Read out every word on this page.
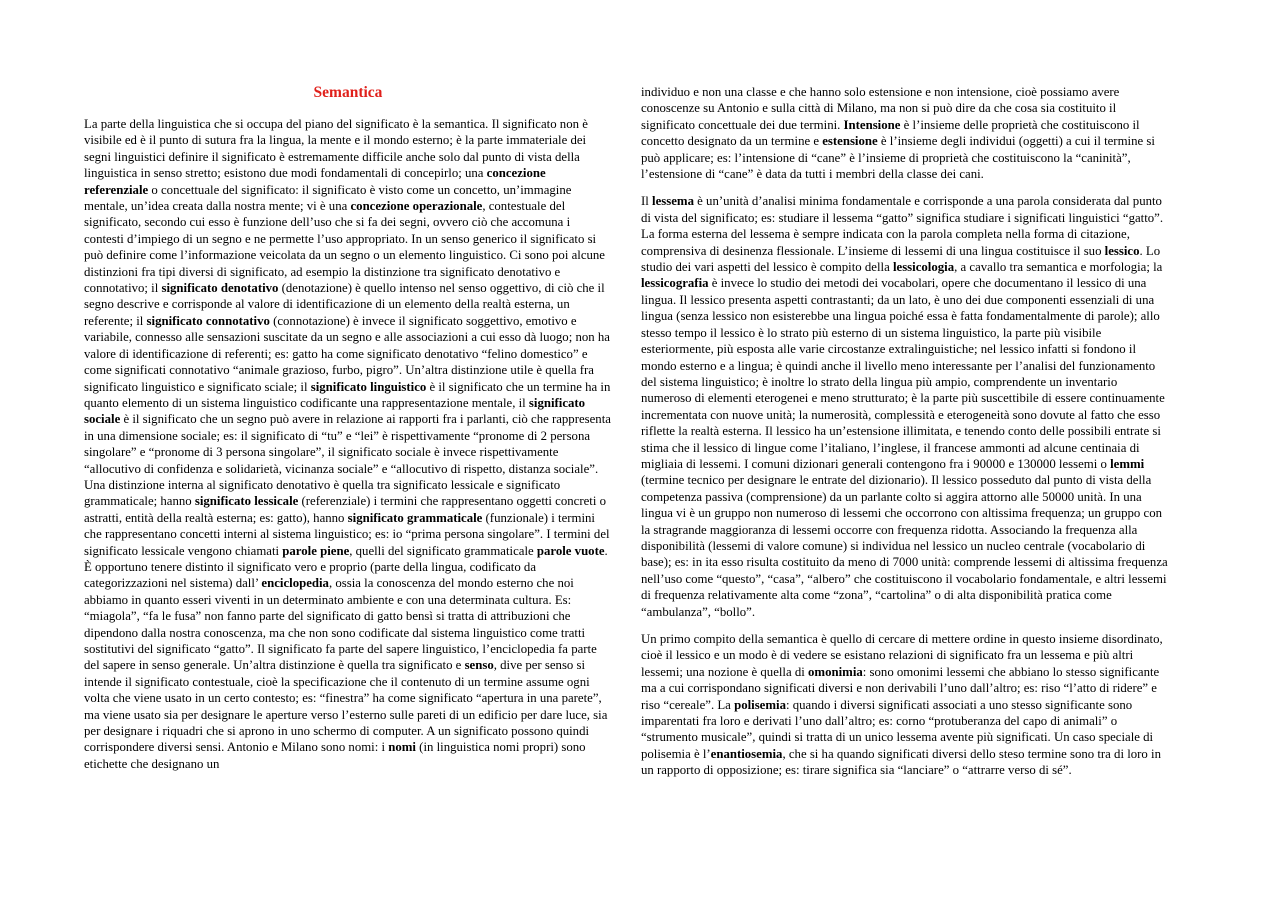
Semantica

La parte della linguistica che si occupa del piano del significato è la semantica. Il significato non è visibile ed è il punto di sutura fra la lingua, la mente e il mondo esterno; è la parte immateriale dei segni linguistici definire il significato è estremamente difficile anche solo dal punto di vista della linguistica in senso stretto; esistono due modi fondamentali di concepirlo; una concezione referenziale o concettuale del significato: il significato è visto come un concetto, un’immagine mentale, un’idea creata dalla nostra mente; vi è una concezione operazionale, contestuale del significato, secondo cui esso è funzione dell’uso che si fa dei segni, ovvero ciò che accomuna i contesti d’impiego di un segno e ne permette l’uso appropriato. In un senso generico il significato si può definire come l’informazione veicolata da un segno o un elemento linguistico. Ci sono poi alcune distinzioni fra tipi diversi di significato, ad esempio la distinzione tra significato denotativo e connotativo; il significato denotativo (denotazione) è quello intenso nel senso oggettivo, di ciò che il segno descrive e corrisponde al valore di identificazione di un elemento della realtà esterna, un referente; il significato connotativo (connotazione) è invece il significato soggettivo, emotivo e variabile, connesso alle sensazioni suscitate da un segno e alle associazioni a cui esso dà luogo; non ha valore di identificazione di referenti; es: gatto ha come significato denotativo “felino domestico” e come significati connotativo “animale grazioso, furbo, pigro”. Un’altra distinzione utile è quella fra significato linguistico e significato sciale; il significato linguistico è il significato che un termine ha in quanto elemento di un sistema linguistico codificante una rappresentazione mentale, il significato sociale è il significato che un segno può avere in relazione ai rapporti fra i parlanti, ciò che rappresenta in una dimensione sociale; es: il significato di “tu” e “lei” è rispettivamente “pronome di 2 persona singolare” e “pronome di 3 persona singolare”, il significato sociale è invece rispettivamente “allocutivo di confidenza e solidarietà, vicinanza sociale” e “allocutivo di rispetto, distanza sociale”. Una distinzione interna al significato denotativo è quella tra significato lessicale e significato grammaticale; hanno significato lessicale (referenziale) i termini che rappresentano oggetti concreti o astratti, entità della realtà esterna; es: gatto), hanno significato grammaticale (funzionale) i termini che rappresentano concetti interni al sistema linguistico; es: io “prima persona singolare”. I termini del significato lessicale vengono chiamati parole piene, quelli del significato grammaticale parole vuote. È opportuno tenere distinto il significato vero e proprio (parte della lingua, codificato da categorizzazioni nel sistema) dall’ enciclopedia, ossia la conoscenza del mondo esterno che noi abbiamo in quanto esseri viventi in un determinato ambiente e con una determinata cultura. Es: “miagola”, “fa le fusa” non fanno parte del significato di gatto bensì si tratta di attribuzioni che dipendono dalla nostra conoscenza, ma che non sono codificate dal sistema linguistico come tratti sostitutivi del significato “gatto”. Il significato fa parte del sapere linguistico, l’enciclopedia fa parte del sapere in senso generale. Un’altra distinzione è quella tra significato e senso, dive per senso si intende il significato contestuale, cioè la specificazione che il contenuto di un termine assume ogni volta che viene usato in un certo contesto; es: “finestra” ha come significato “apertura in una parete”, ma viene usato sia per designare le aperture verso l’esterno sulle pareti di un edificio per dare luce, sia per designare i riquadri che si aprono in uno schermo di computer. A un significato possono quindi corrispondere diversi sensi. Antonio e Milano sono nomi: i nomi (in linguistica nomi propri) sono etichette che designano un

individuo e non una classe e che hanno solo estensione e non intensione, cioè possiamo avere conoscenze su Antonio e sulla città di Milano, ma non si può dire da che cosa sia costituito il significato concettuale dei due termini. Intensione è l’insieme delle proprietà che costituiscono il concetto designato da un termine e estensione è l’insieme degli individui (oggetti) a cui il termine si può applicare; es: l’intensione di “cane” è l’insieme di proprietà che costituiscono la “caninità”, l’estensione di “cane” è data da tutti i membri della classe dei cani.

Il lessema è un’unità d’analisi minima fondamentale e corrisponde a una parola considerata dal punto di vista del significato; es: studiare il lessema “gatto” significa studiare i significati linguistici “gatto”. La forma esterna del lessema è sempre indicata con la parola completa nella forma di citazione, comprensiva di desinenza flessionale. L’insieme di lessemi di una lingua costituisce il suo lessico. Lo studio dei vari aspetti del lessico è compito della lessicologia, a cavallo tra semantica e morfologia; la lessicografia è invece lo studio dei metodi dei vocabolari, opere che documentano il lessico di una lingua. Il lessico presenta aspetti contrastanti; da un lato, è uno dei due componenti essenziali di una lingua (senza lessico non esisterebbe una lingua poiché essa è fatta fondamentalmente di parole); allo stesso tempo il lessico è lo strato più esterno di un sistema linguistico, la parte più visibile esteriormente, più esposta alle varie circostanze extralinguistiche; nel lessico infatti si fondono il mondo esterno e a lingua; è quindi anche il livello meno interessante per l’analisi del funzionamento del sistema linguistico; è inoltre lo strato della lingua più ampio, comprendente un inventario numeroso di elementi eterogenei e meno strutturato; è la parte più suscettibile di essere continuamente incrementata con nuove unità; la numerosità, complessità e eterogeneità sono dovute al fatto che esso riflette la realtà esterna. Il lessico ha un’estensione illimitata, e tenendo conto delle possibili entrate si stima che il lessico di lingue come l’italiano, l’inglese, il francese ammonti ad alcune centinaia di migliaia di lessemi. I comuni dizionari generali contengono fra i 90000 e 130000 lessemi o lemmi (termine tecnico per designare le entrate del dizionario). Il lessico posseduto dal punto di vista della competenza passiva (comprensione) da un parlante colto si aggira attorno alle 50000 unità. In una lingua vi è un gruppo non numeroso di lessemi che occorrono con altissima frequenza; un gruppo con la stragrande maggioranza di lessemi occorre con frequenza ridotta. Associando la frequenza alla disponibilità (lessemi di valore comune) si individua nel lessico un nucleo centrale (vocabolario di base); es: in ita esso risulta costituito da meno di 7000 unità: comprende lessemi di altissima frequenza nell’uso come “questo”, “casa”, “albero” che costituiscono il vocabolario fondamentale, e altri lessemi di frequenza relativamente alta come “zona”, “cartolina” o di alta disponibilità pratica come “ambulanza”, “bollo”.

Un primo compito della semantica è quello di cercare di mettere ordine in questo insieme disordinato, cioè il lessico e un modo è di vedere se esistano relazioni di significato fra un lessema e più altri lessemi; una nozione è quella di omonimia: sono omonimi lessemi che abbiano lo stesso significante ma a cui corrispondano significati diversi e non derivabili l’uno dall’altro; es: riso “l’atto di ridere” e riso “cereale”. La polisemia: quando i diversi significati associati a uno stesso significante sono imparentati fra loro e derivati l’uno dall’altro; es: corno “protuberanza del capo di animali” o “strumento musicale”, quindi si tratta di un unico lessema avente più significati. Un caso speciale di polisemia è l’enantiosemia, che si ha quando significati diversi dello steso termine sono tra di loro in un rapporto di opposizione; es: tirare significa sia “lanciare” o “attrarre verso di sé”.
